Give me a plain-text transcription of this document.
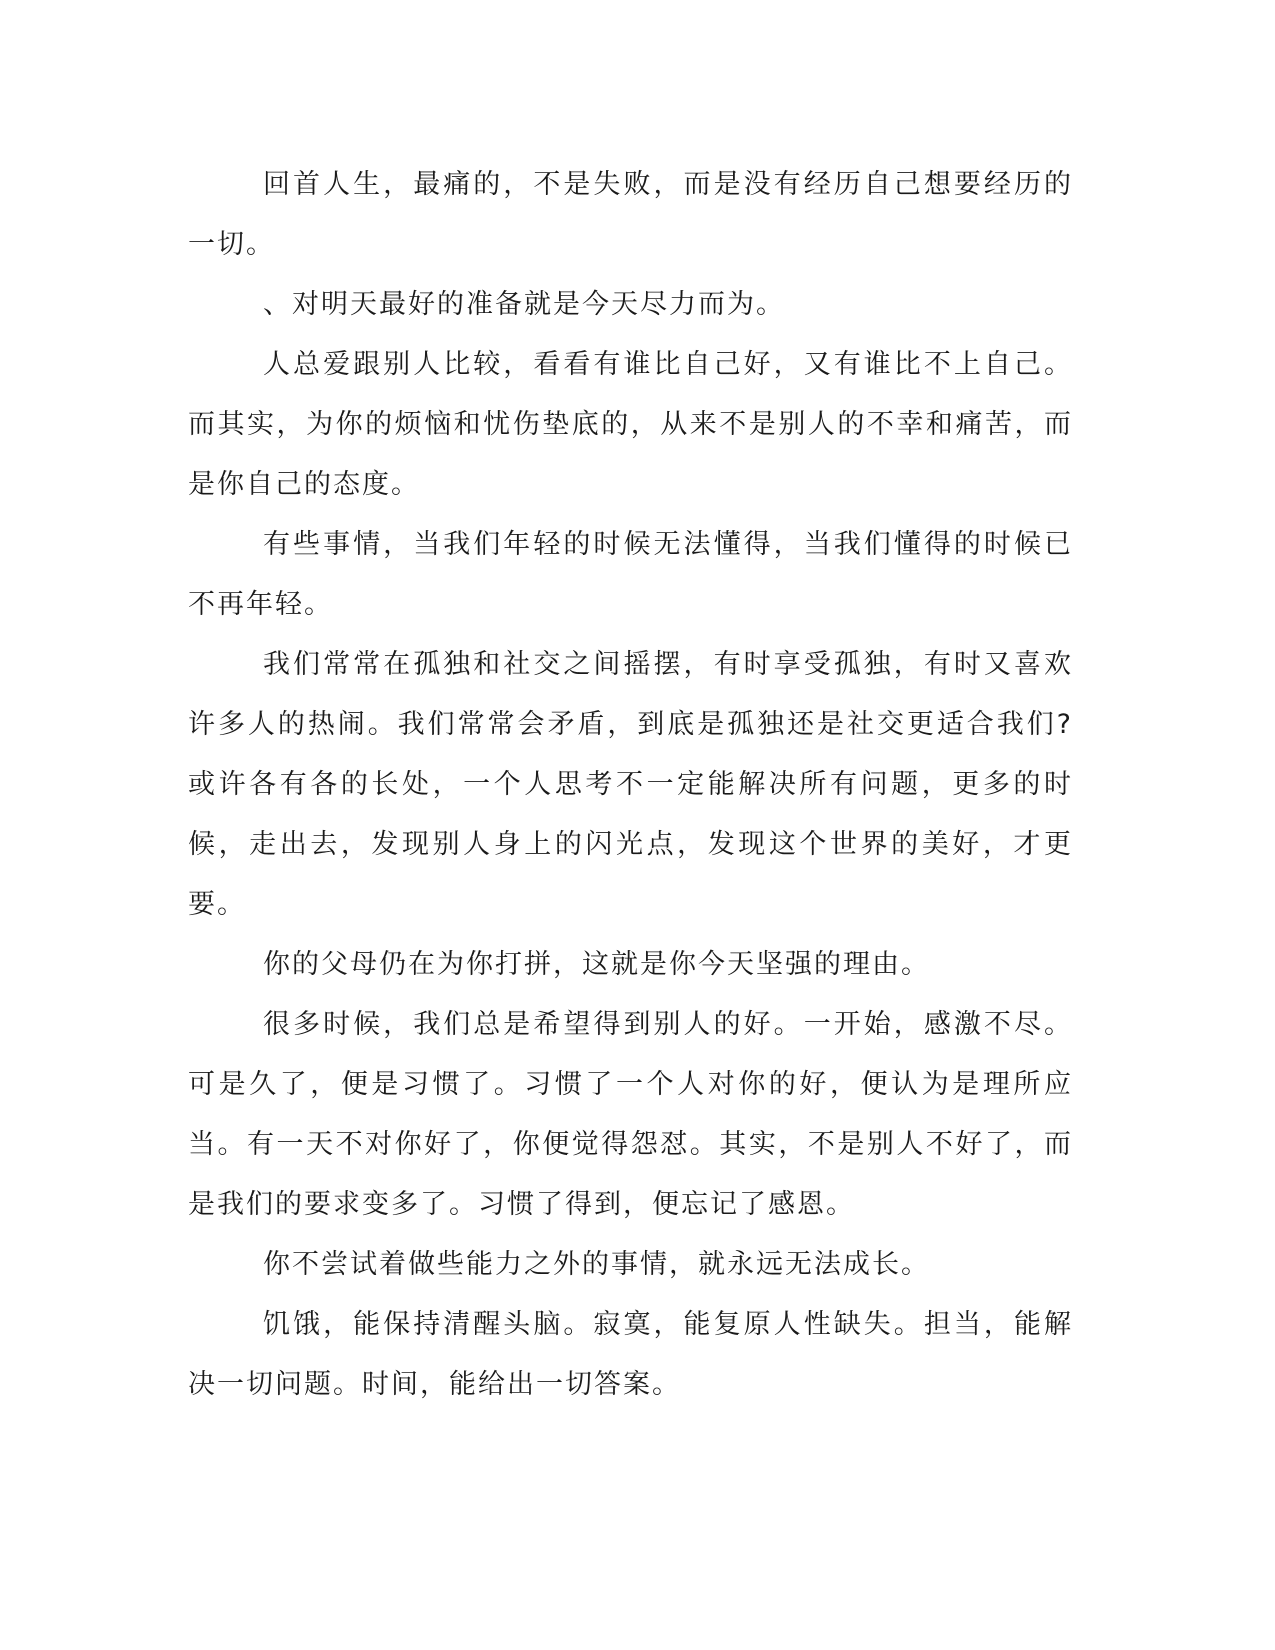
回首人生，最痛的，不是失败，而是没有经历自己想要经历的一切。

、对明天最好的准备就是今天尽力而为。

人总爱跟别人比较，看看有谁比自己好，又有谁比不上自己。而其实，为你的烦恼和忧伤垫底的，从来不是别人的不幸和痛苦，而是你自己的态度。

有些事情，当我们年轻的时候无法懂得，当我们懂得的时候已不再年轻。

我们常常在孤独和社交之间摇摆，有时享受孤独，有时又喜欢许多人的热闹。我们常常会矛盾，到底是孤独还是社交更适合我们?或许各有各的长处，一个人思考不一定能解决所有问题，更多的时候，走出去，发现别人身上的闪光点，发现这个世界的美好，才更要。

你的父母仍在为你打拼，这就是你今天坚强的理由。

很多时候，我们总是希望得到别人的好。一开始，感激不尽。可是久了，便是习惯了。习惯了一个人对你的好，便认为是理所应当。有一天不对你好了，你便觉得怨怼。其实，不是别人不好了，而是我们的要求变多了。习惯了得到，便忘记了感恩。

你不尝试着做些能力之外的事情，就永远无法成长。

饥饿，能保持清醒头脑。寂寞，能复原人性缺失。担当，能解决一切问题。时间，能给出一切答案。
